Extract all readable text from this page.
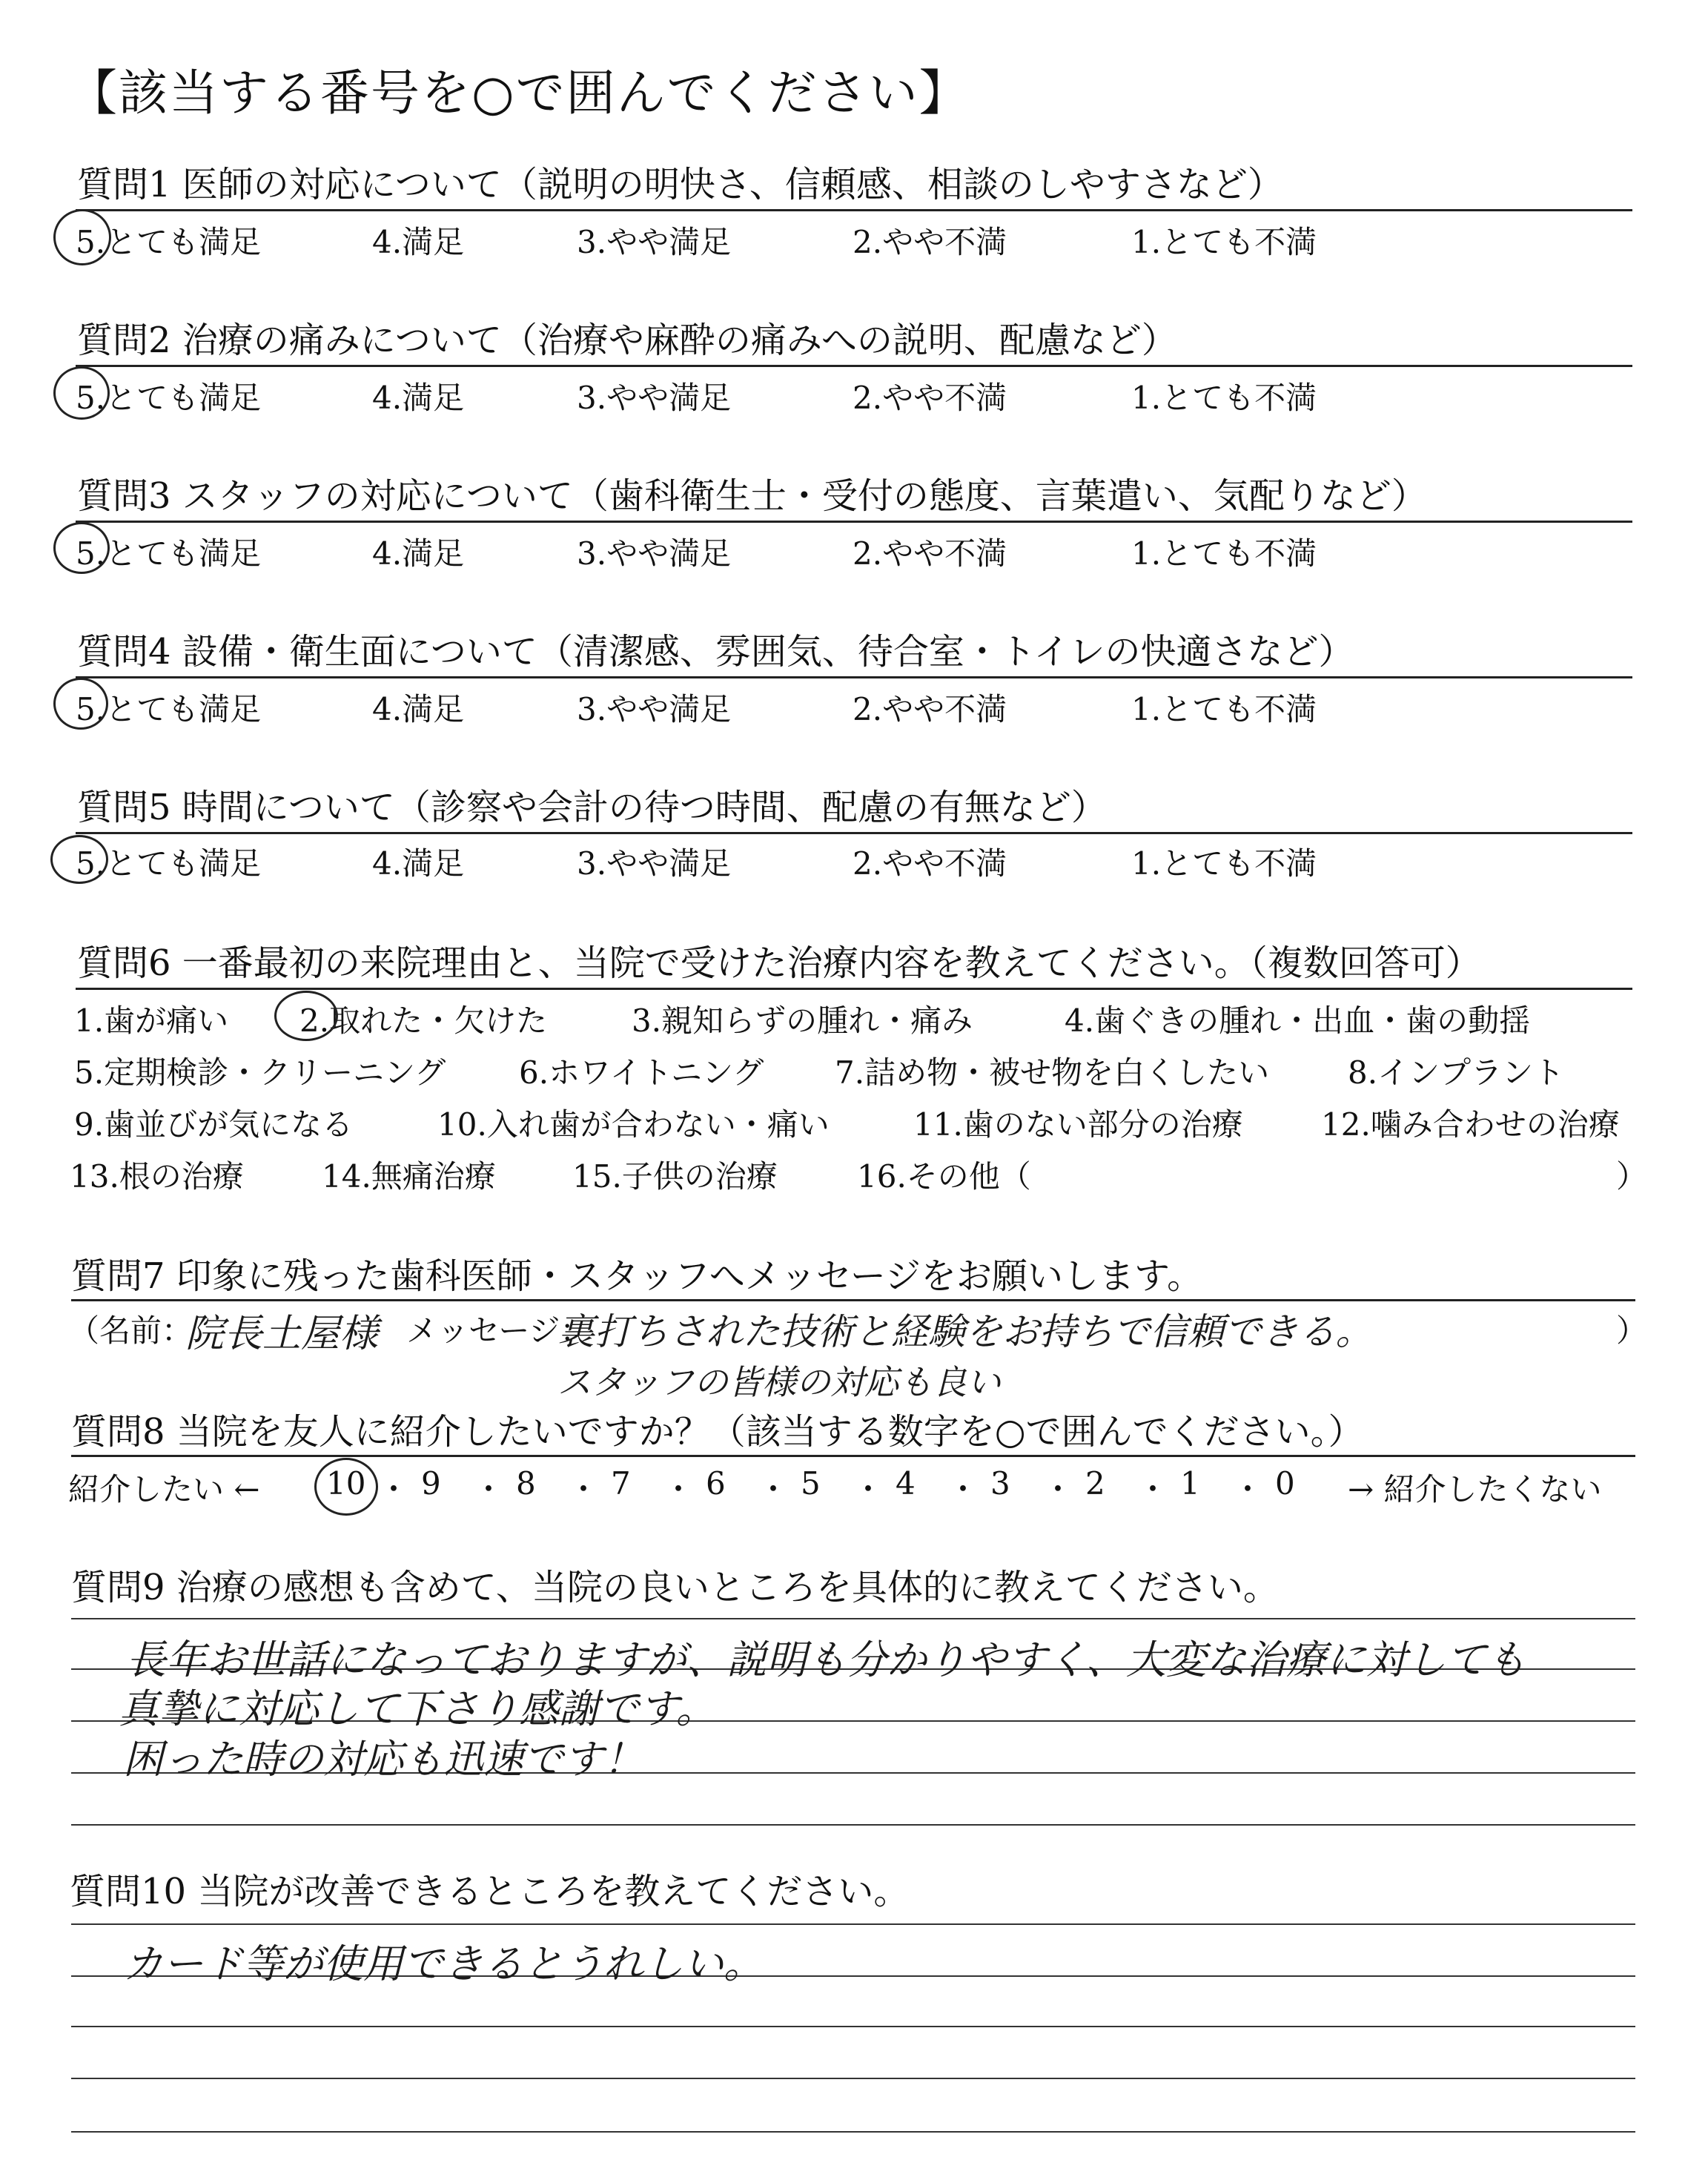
【該当する番号を○で囲んでください】
質問1 医師の対応について（説明の明快さ、信頼感、相談のしやすさなど）
5.とても満足	4.満足	3.やや満足	2.やや不満	1.とても不満
質問2 治療の痛みについて（治療や麻酔の痛みへの説明、配慮など）
5.とても満足	4.満足	3.やや満足	2.やや不満	1.とても不満
質問3 スタッフの対応について（歯科衛生士・受付の態度、言葉遣い、気配りなど）
5.とても満足	4.満足	3.やや満足	2.やや不満	1.とても不満
質問4 設備・衛生面について（清潔感、雰囲気、待合室・トイレの快適さなど）
5.とても満足	4.満足	3.やや満足	2.やや不満	1.とても不満
質問5 時間について（診察や会計の待つ時間、配慮の有無など）
5.とても満足	4.満足	3.やや満足	2.やや不満	1.とても不満
質問6 一番最初の来院理由と、当院で受けた治療内容を教えてください。（複数回答可）
1.歯が痛い 2.取れた・欠けた	3.親知らずの腫れ・痛み	4.歯ぐきの腫れ・出血・歯の動揺
5.定期検診・クリーニング 6.ホワイトニング 7.詰め物・被せ物を白くしたい	8.インプラント
9.歯並びが気になる	10.入れ歯が合わない・痛い	11.歯のない部分の治療	12.噛み合わせの治療
13.根の治療	14.無痛治療 15.子供の治療	16.その他（	）
質問7 印象に残った歯科医師・スタッフへメッセージをお願いします。
（名前：
院長土屋様 メッセージ：
裏打ちされた技術と経験をお持ちで信頼できる。	）
スタッフの皆様の対応も良い
質問8 当院を友人に紹介したいですか？（該当する数字を○で囲んでください。）
紹介したい ← 10 ・ 9 ・ 8 ・ 7 ・ 6 ・ 5 ・ 4 ・ 3 ・ 2 ・ 1 ・ 0 → 紹介したくない
質問9 治療の感想も含めて、当院の良いところを具体的に教えてください。
長年お世話になっておりますが、説明も分かりやすく、大変な治療に対しても
真摯に対応して下さり感謝です。
困った時の対応も迅速です！
質問10 当院が改善できるところを教えてください。
カード等が使用できるとうれしい。
